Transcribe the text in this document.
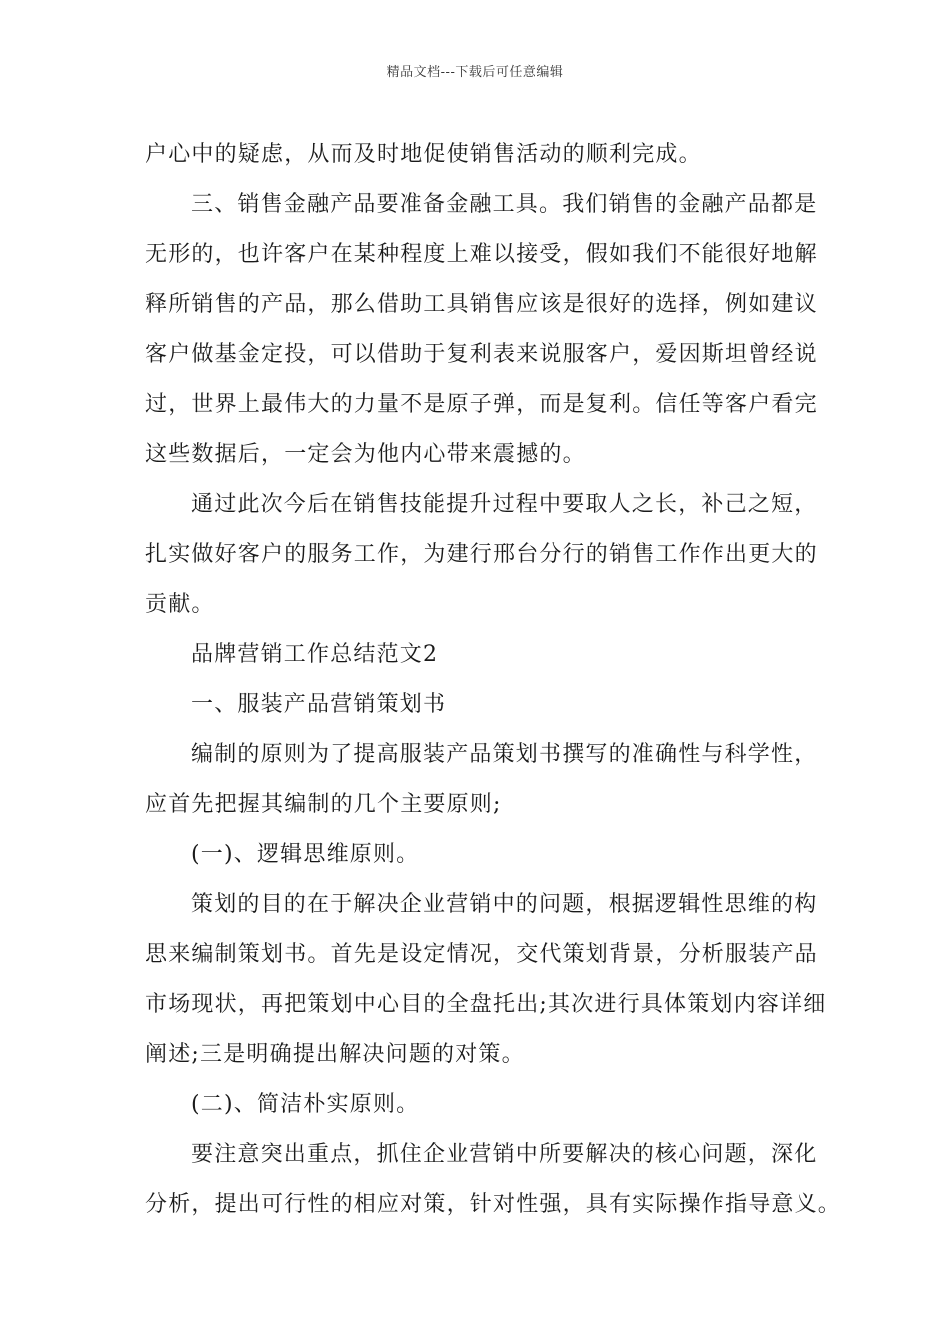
精品文档---下载后可任意编辑
户心中的疑虑，从而及时地促使销售活动的顺利完成。
三、销售金融产品要准备金融工具。我们销售的金融产品都是
无形的，也许客户在某种程度上难以接受，假如我们不能很好地解
释所销售的产品，那么借助工具销售应该是很好的选择，例如建议
客户做基金定投，可以借助于复利表来说服客户，爱因斯坦曾经说
过，世界上最伟大的力量不是原子弹，而是复利。信任等客户看完
这些数据后，一定会为他内心带来震撼的。
通过此次今后在销售技能提升过程中要取人之长，补己之短，
扎实做好客户的服务工作，为建行邢台分行的销售工作作出更大的
贡献。
品牌营销工作总结范文2
一、服装产品营销策划书
编制的原则为了提高服装产品策划书撰写的准确性与科学性，
应首先把握其编制的几个主要原则;
(一)、逻辑思维原则。
策划的目的在于解决企业营销中的问题，根据逻辑性思维的构
思来编制策划书。首先是设定情况，交代策划背景，分析服装产品
市场现状，再把策划中心目的全盘托出;其次进行具体策划内容详细
阐述;三是明确提出解决问题的对策。
(二)、简洁朴实原则。
要注意突出重点，抓住企业营销中所要解决的核心问题，深化
分析，提出可行性的相应对策，针对性强，具有实际操作指导意义。
